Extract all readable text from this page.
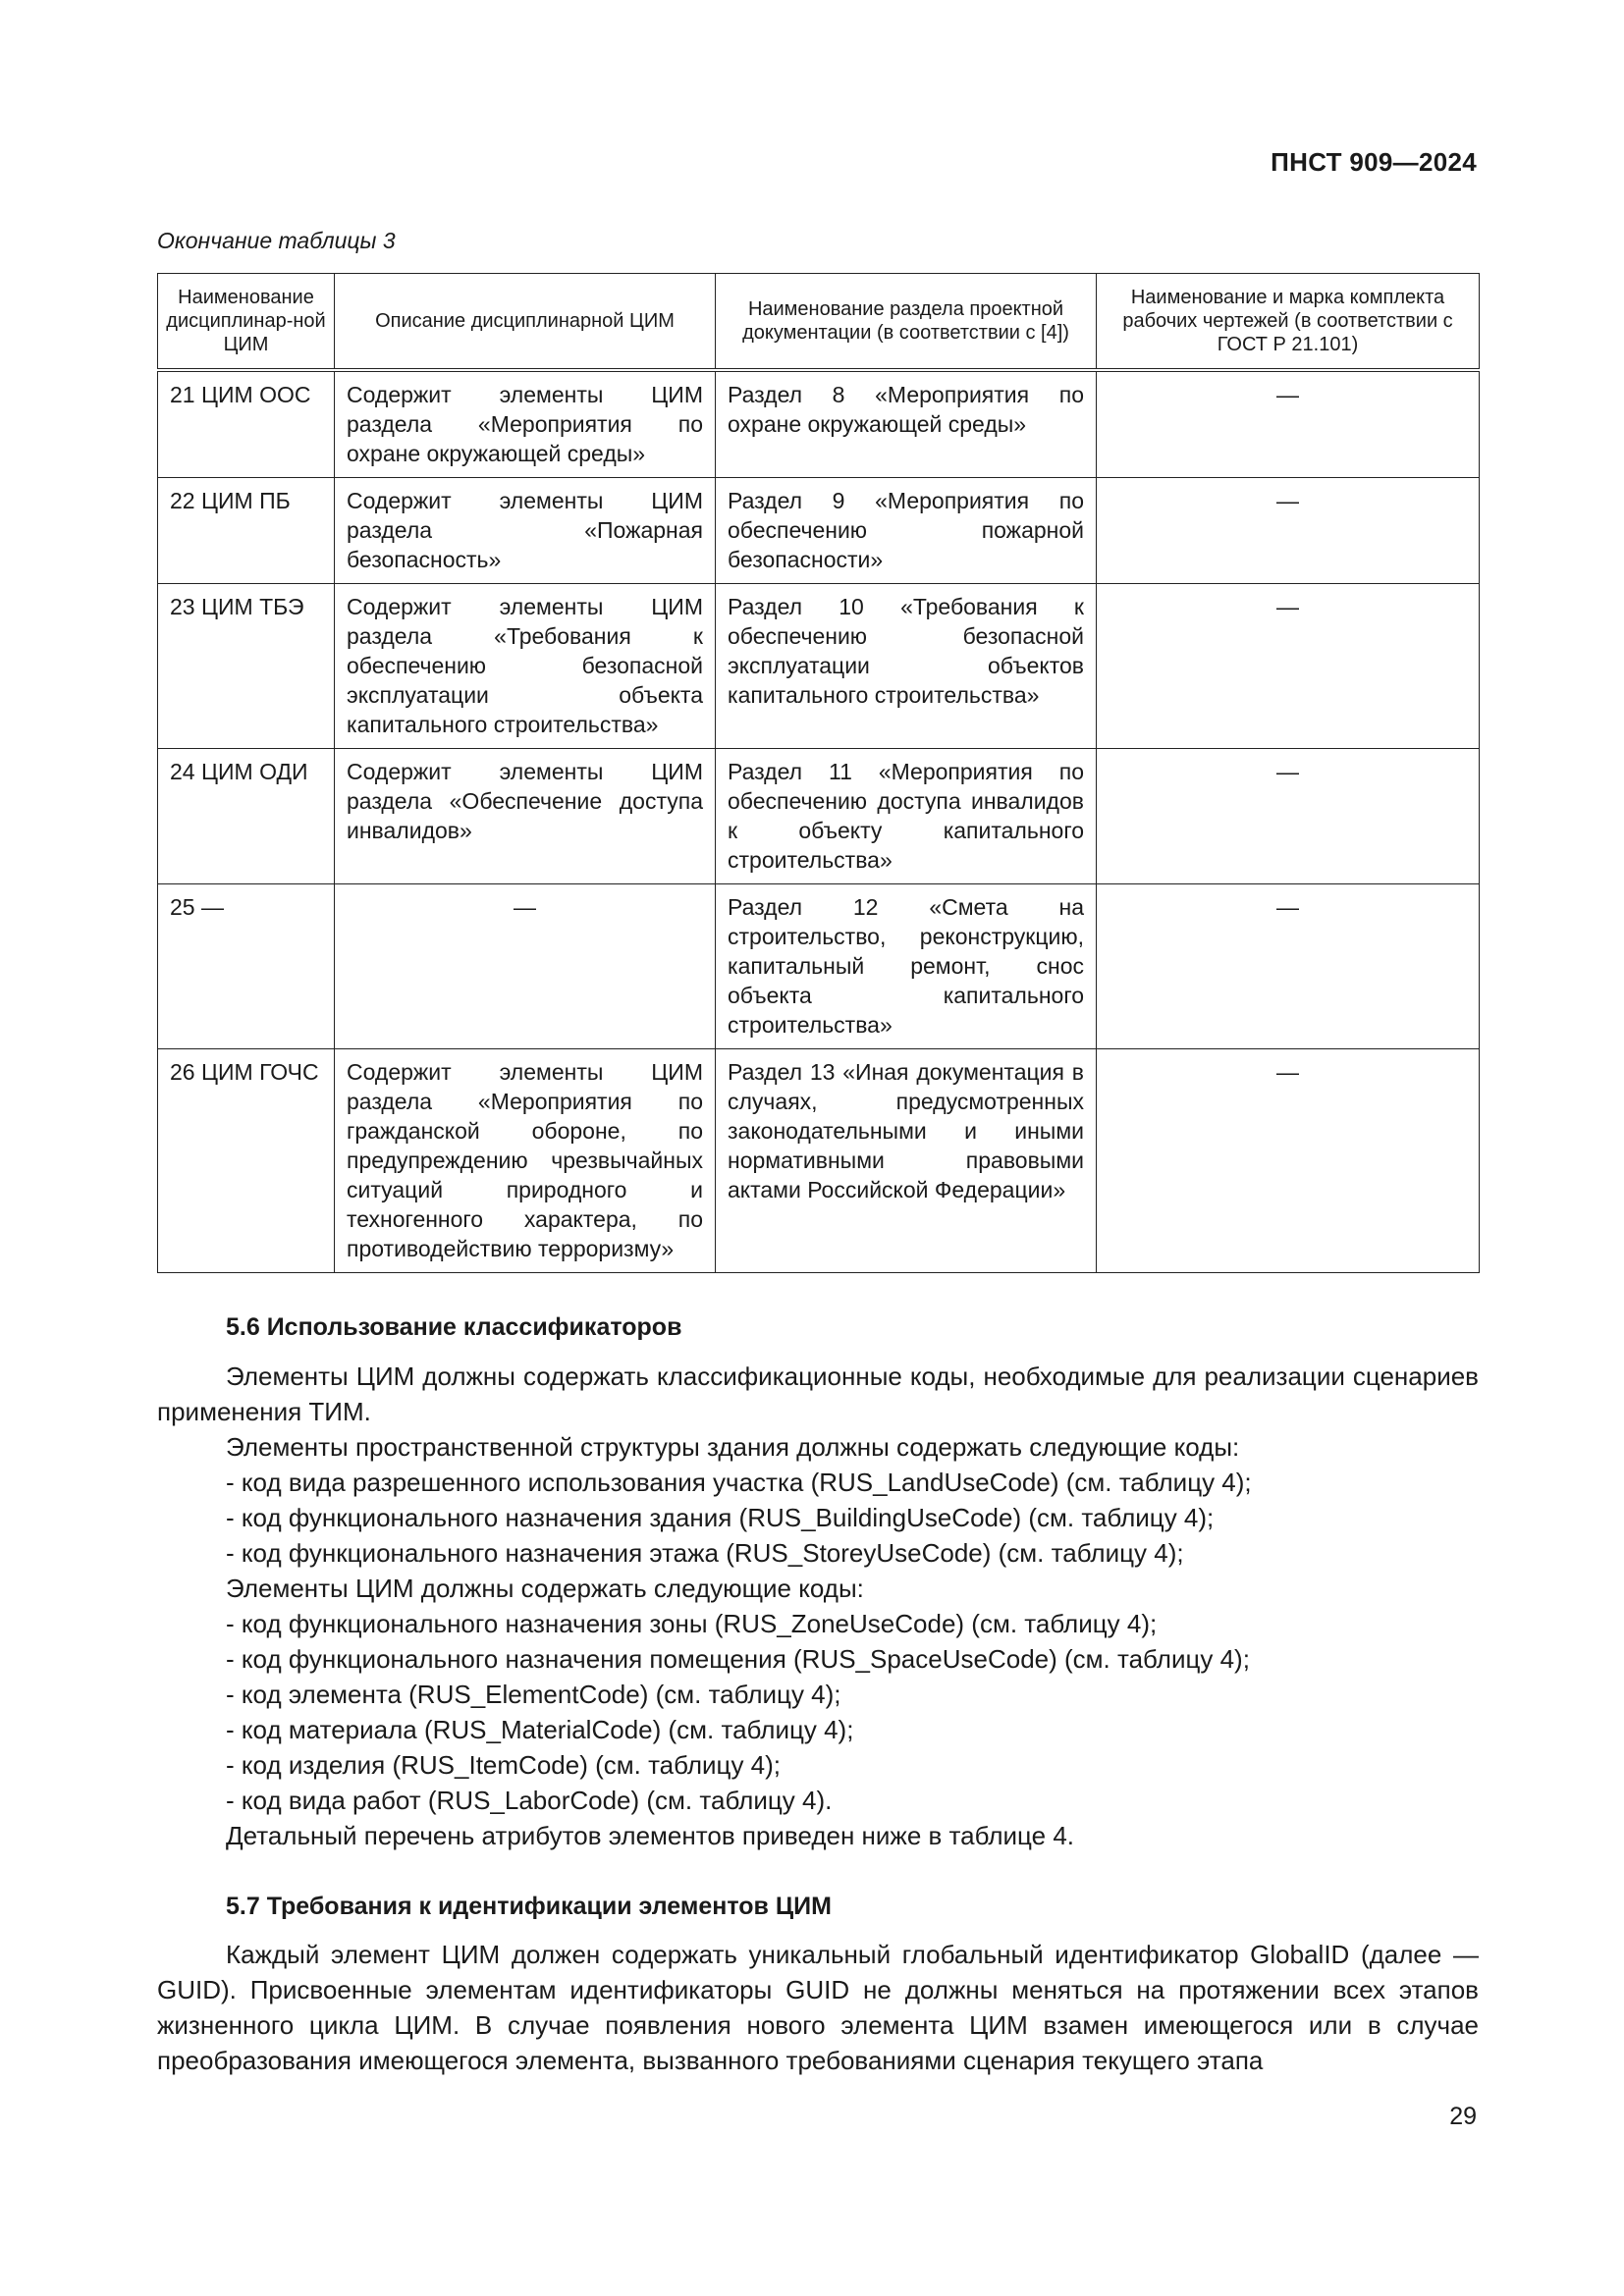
ПНСТ 909—2024
Окончание таблицы 3
Наименование дисциплинар-ной ЦИМ	Описание дисциплинарной ЦИМ	Наименование раздела проектной документации (в соответствии с [4])	Наименование и марка комплекта рабочих чертежей (в соответствии с ГОСТ Р 21.101)
21 ЦИМ ООС	Содержит элементы ЦИМ раздела «Мероприятия по охране окружающей среды»	Раздел 8 «Мероприятия по охране окружающей среды»	—
22 ЦИМ ПБ	Содержит элементы ЦИМ раздела «Пожарная безопасность»	Раздел 9 «Мероприятия по обеспечению пожарной безопасности»	—
23 ЦИМ ТБЭ	Содержит элементы ЦИМ раздела «Требования к обеспечению безопасной эксплуатации объекта капитального строительства»	Раздел 10 «Требования к обеспечению безопасной эксплуатации объектов капитального строительства»	—
24 ЦИМ ОДИ	Содержит элементы ЦИМ раздела «Обеспечение доступа инвалидов»	Раздел 11 «Мероприятия по обеспечению доступа инвалидов к объекту капитального строительства»	—
25 —	—	Раздел 12 «Смета на строительство, реконструкцию, капитальный ремонт, снос объекта капитального строительства»	—
26 ЦИМ ГОЧС	Содержит элементы ЦИМ раздела «Мероприятия по гражданской обороне, по предупреждению чрезвычайных ситуаций природного и техногенного характера, по противодействию терроризму»	Раздел 13 «Иная документация в случаях, предусмотренных законодательными и иными нормативными правовыми актами Российской Федерации»	—
5.6 Использование классификаторов

Элементы ЦИМ должны содержать классификационные коды, необходимые для реализации сценариев применения ТИМ.

Элементы пространственной структуры здания должны содержать следующие коды:

- код вида разрешенного использования участка (RUS_LandUseCode) (см. таблицу 4);

- код функционального назначения здания (RUS_BuildingUseCode) (см. таблицу 4);

- код функционального назначения этажа (RUS_StoreyUseCode) (см. таблицу 4);

Элементы ЦИМ должны содержать следующие коды:

- код функционального назначения зоны (RUS_ZoneUseCode) (см. таблицу 4);

- код функционального назначения помещения (RUS_SpaceUseCode) (см. таблицу 4);

- код элемента (RUS_ElementCode) (см. таблицу 4);

- код материала (RUS_MaterialCode) (см. таблицу 4);

- код изделия (RUS_ItemCode) (см. таблицу 4);

- код вида работ (RUS_LaborCode) (см. таблицу 4).

Детальный перечень атрибутов элементов приведен ниже в таблице 4.

5.7 Требования к идентификации элементов ЦИМ

Каждый элемент ЦИМ должен содержать уникальный глобальный идентификатор GlobalID (далее — GUID). Присвоенные элементам идентификаторы GUID не должны меняться на протяжении всех этапов жизненного цикла ЦИМ. В случае появления нового элемента ЦИМ взамен имеющегося или в случае преобразования имеющегося элемента, вызванного требованиями сценария текущего этапа

29
